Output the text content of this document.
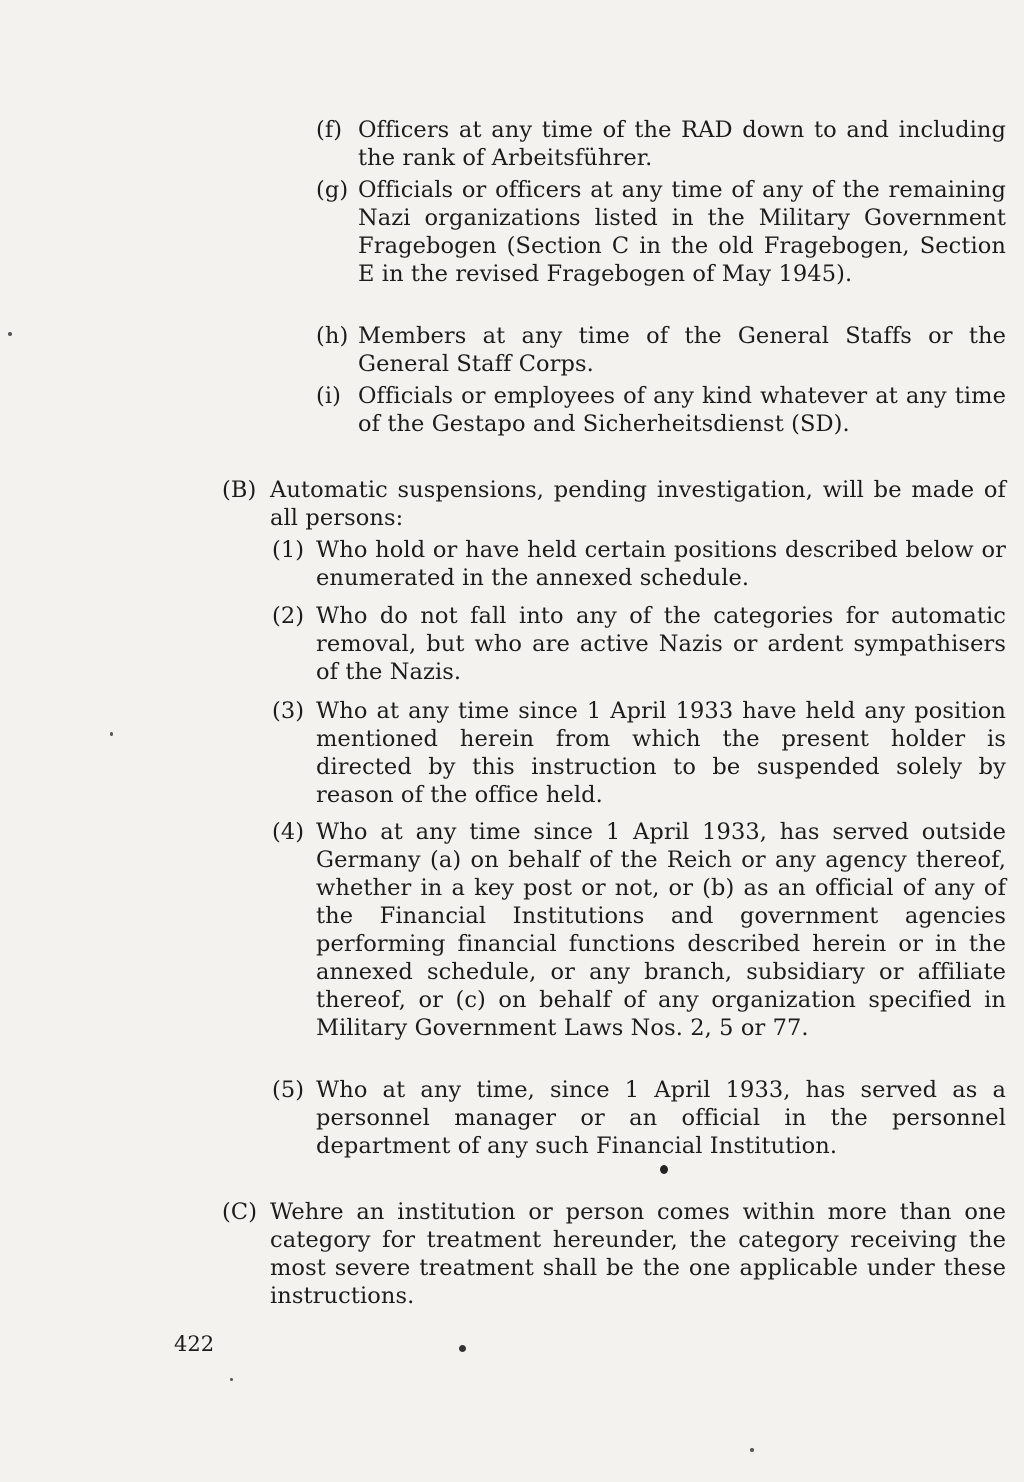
(f) Officers at any time of the RAD down to and including the rank of Arbeitsführer.
(g) Officials or officers at any time of any of the remaining Nazi organizations listed in the Military Government Fragebogen (Section C in the old Fragebogen, Section E in the revised Fragebogen of May 1945).
(h) Members at any time of the General Staffs or the General Staff Corps.
(i) Officials or employees of any kind whatever at any time of the Gestapo and Sicherheitsdienst (SD).
(B) Automatic suspensions, pending investigation, will be made of all persons:
(1) Who hold or have held certain positions described below or enumerated in the annexed schedule.
(2) Who do not fall into any of the categories for automatic removal, but who are active Nazis or ardent sympathisers of the Nazis.
(3) Who at any time since 1 April 1933 have held any position mentioned herein from which the present holder is directed by this instruction to be suspended solely by reason of the office held.
(4) Who at any time since 1 April 1933, has served outside Germany (a) on behalf of the Reich or any agency thereof, whether in a key post or not, or (b) as an official of any of the Financial Institutions and government agencies performing financial functions described herein or in the annexed schedule, or any branch, subsidiary or affiliate thereof, or (c) on behalf of any organization specified in Military Government Laws Nos. 2, 5 or 77.
(5) Who at any time, since 1 April 1933, has served as a personnel manager or an official in the personnel department of any such Financial Institution.
(C) Wehre an institution or person comes within more than one category for treatment hereunder, the category receiving the most severe treatment shall be the one applicable under these instructions.
422
